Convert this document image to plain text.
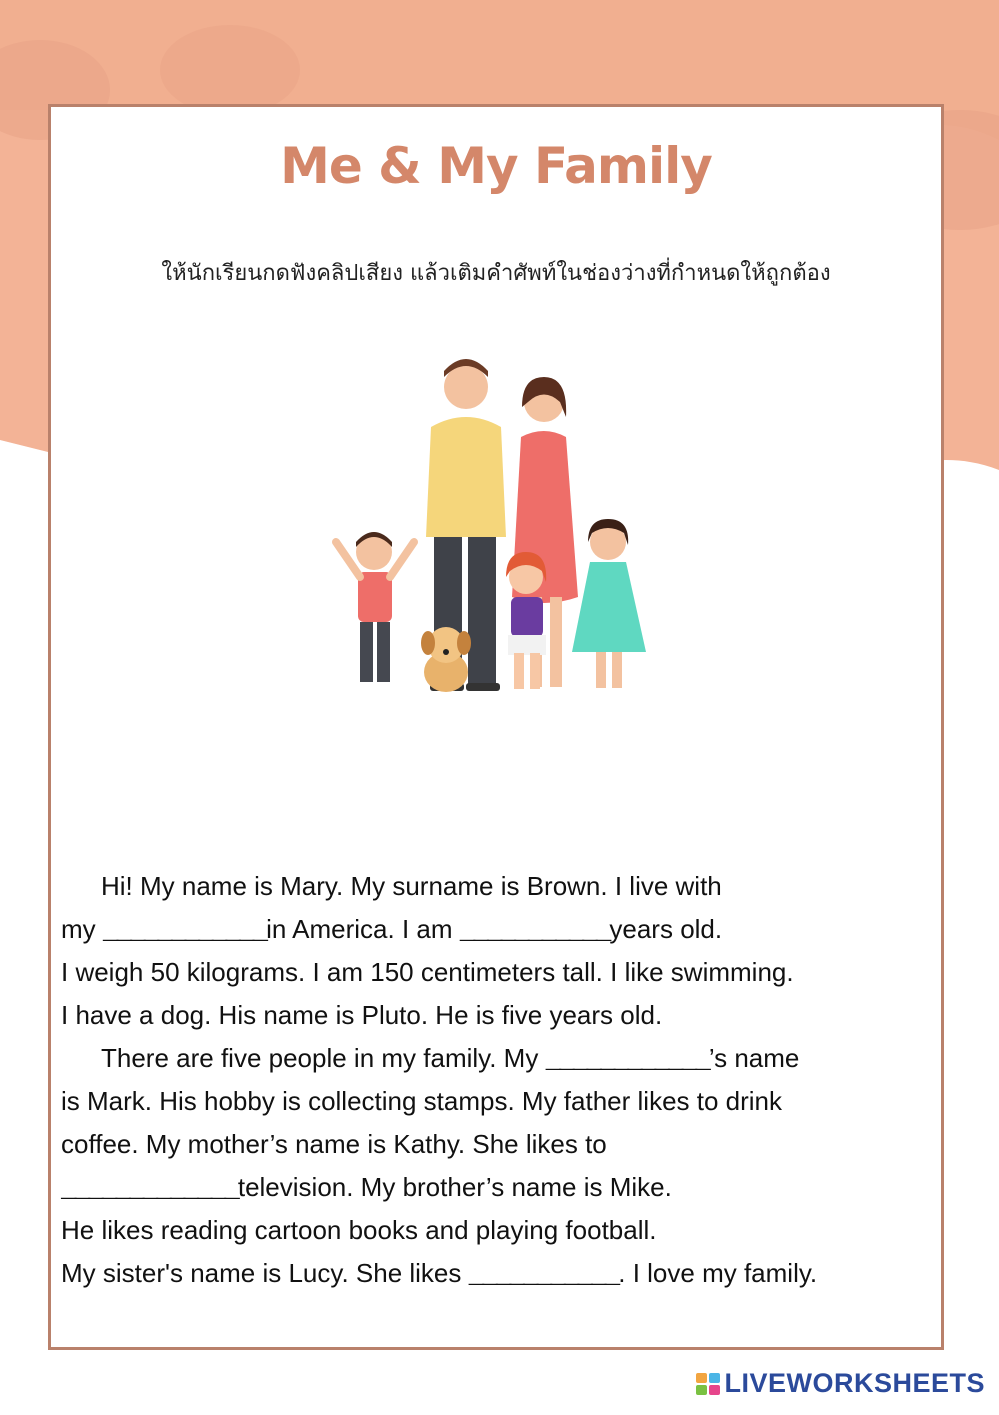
Me & My Family
ให้นักเรียนกดฟังคลิปเสียง แล้วเติมคำศัพท์ในช่องว่างที่กำหนดให้ถูกต้อง
Hi! My name is Mary. My surname is Brown. I live with
my ____________in America. I am ___________years old.
I weigh 50 kilograms. I am 150 centimeters tall. I like swimming.
I have a dog. His name is Pluto. He is five years old.
There are five people in my family. My ____________’s name
is Mark. His hobby is collecting stamps. My father likes to drink
coffee. My mother’s name is Kathy. She likes to
_____________television. My brother’s name is Mike.
He likes reading cartoon books and playing football.
My sister's name is Lucy. She likes ___________. I love my family.
LIVEWORKSHEETS
